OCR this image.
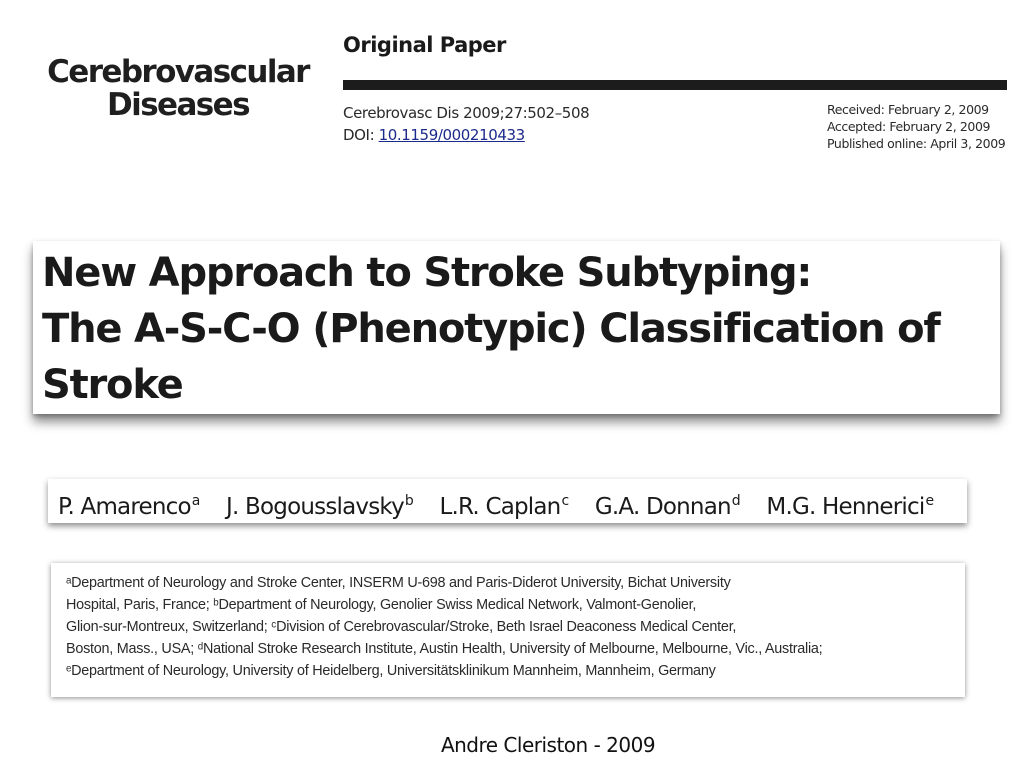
Cerebrovascular
Diseases
Original Paper
Cerebrovasc Dis 2009;27:502–508
DOI: 10.1159/000210433
Received: February 2, 2009
Accepted: February 2, 2009
Published online: April 3, 2009
New Approach to Stroke Subtyping:
The A-S-C-O (Phenotypic) Classification of
Stroke
P. Amarenco$^a$ J. Bogousslavsky$^b$ L.R. Caplan$^c$ G.A. Donnan$^d$ M.G. Hennerici$^e$
ᵃDepartment of Neurology and Stroke Center, INSERM U-698 and Paris-Diderot University, Bichat University
Hospital, Paris, France; ᵇDepartment of Neurology, Genolier Swiss Medical Network, Valmont-Genolier,
Glion-sur-Montreux, Switzerland; ᶜDivision of Cerebrovascular/Stroke, Beth Israel Deaconess Medical Center,
Boston, Mass., USA; ᵈNational Stroke Research Institute, Austin Health, University of Melbourne, Melbourne, Vic., Australia;
ᵉDepartment of Neurology, University of Heidelberg, Universitätsklinikum Mannheim, Mannheim, Germany
Andre Cleriston - 2009
